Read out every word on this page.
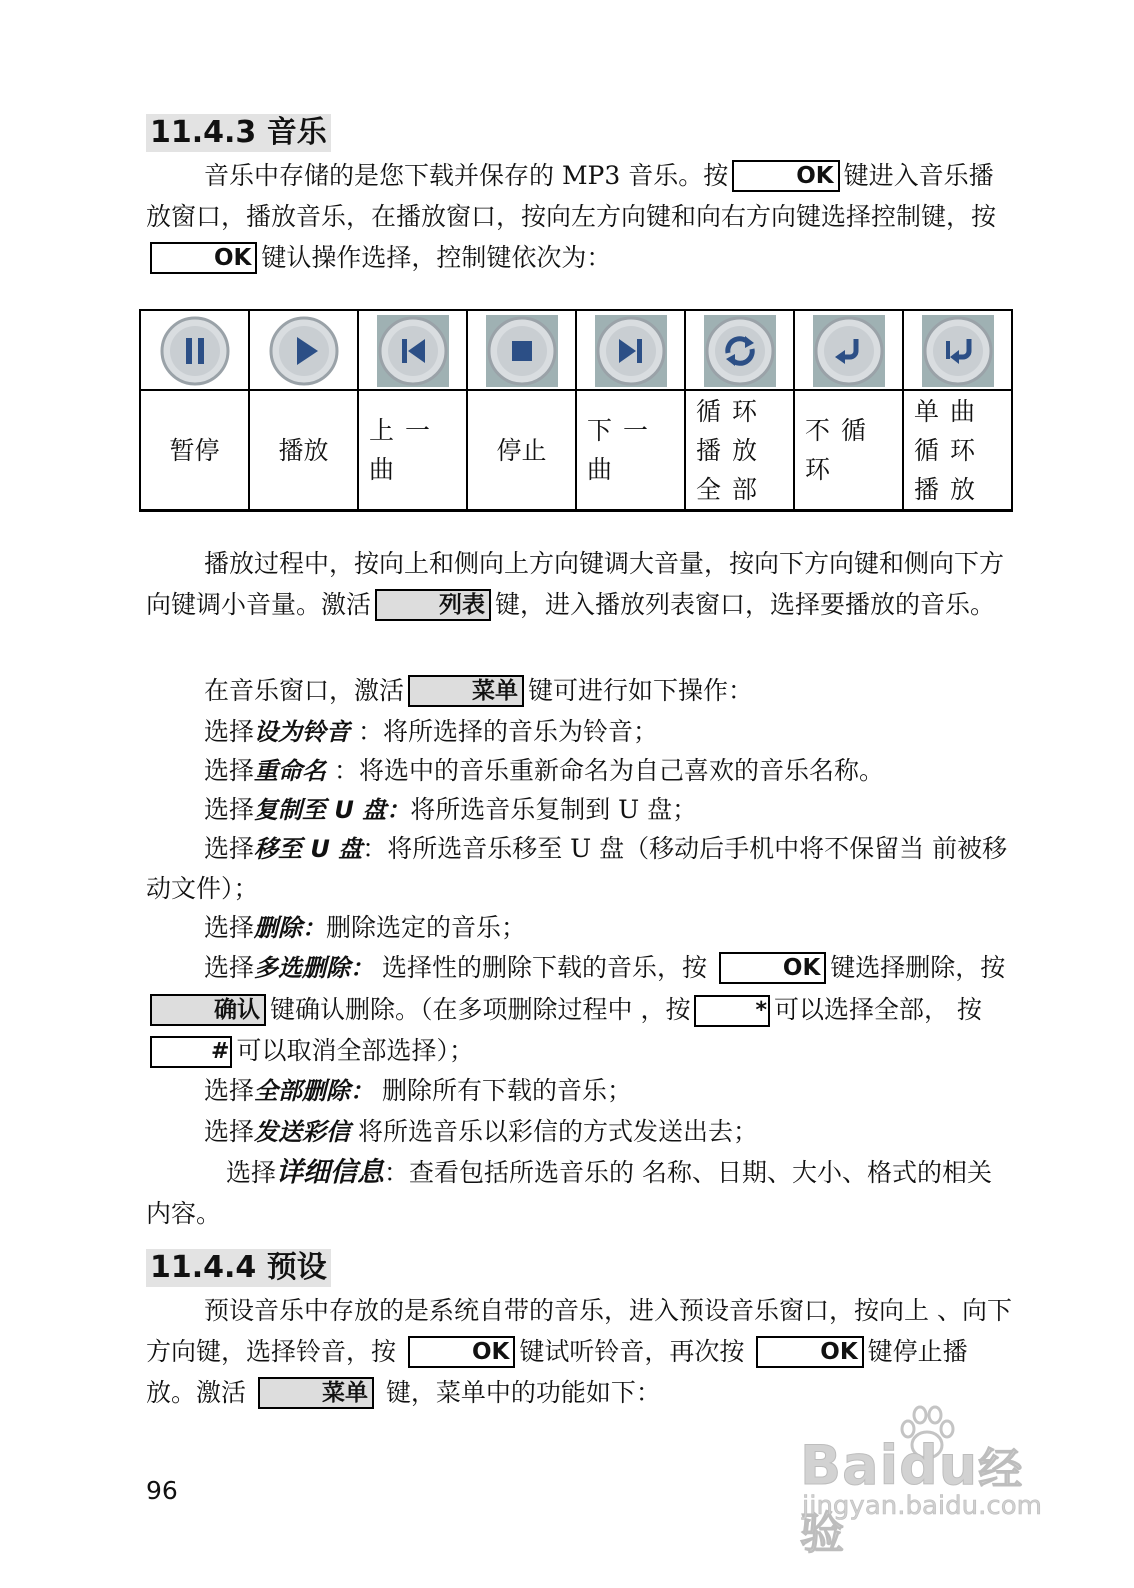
11.4.3 音乐

音乐中存储的是您下载并保存的 MP3 音乐。按	OK 键进入音乐播放窗口，播放音乐，在播放窗口，按向左方向键和向右方向键选择控制键，按OK 键认操作选择，控制键依次为：

暂停	播放	上一曲	停止	下一曲	循环播放全部	不循环	单曲循环播放

播放过程中，按向上和侧向上方向键调大音量，按向下方向键和侧向下方向键调小音量。激活	列表 键，进入播放列表窗口，选择要播放的音乐。

在音乐窗口，激活	菜单 键可进行如下操作：

选择设为铃音 ：将所选择的音乐为铃音；

选择重命名 ：将选中的音乐重新命名为自己喜欢的音乐名称。

选择复制至 U 盘：将所选音乐复制到 U 盘；

选择移至 U 盘：将所选音乐移至 U 盘（移动后手机中将不保留当 前被移动文件）；

选择删除：删除选定的音乐；

选择多选删除： 选择性的删除下载的音乐，按	OK 键选择删除，按确认 键确认删除。（在多项删除过程中 ，按	* 可以选择全部， 按 # 可以取消全部选择）；

选择全部删除： 删除所有下载的音乐；

选择发送彩信 将所选音乐以彩信的方式发送出去；

选择详细信息：查看包括所选音乐的 名称、日期、大小、格式的相关内容。

11.4.4 预设

预设音乐中存放的是系统自带的音乐，进入预设音乐窗口，按向上 、向下方向键，选择铃音，按	OK 键试听铃音，再次按	OK 键停止播放。激活	菜单 键，菜单中的功能如下：

96	Baidu经验
jingyan.baidu.com
